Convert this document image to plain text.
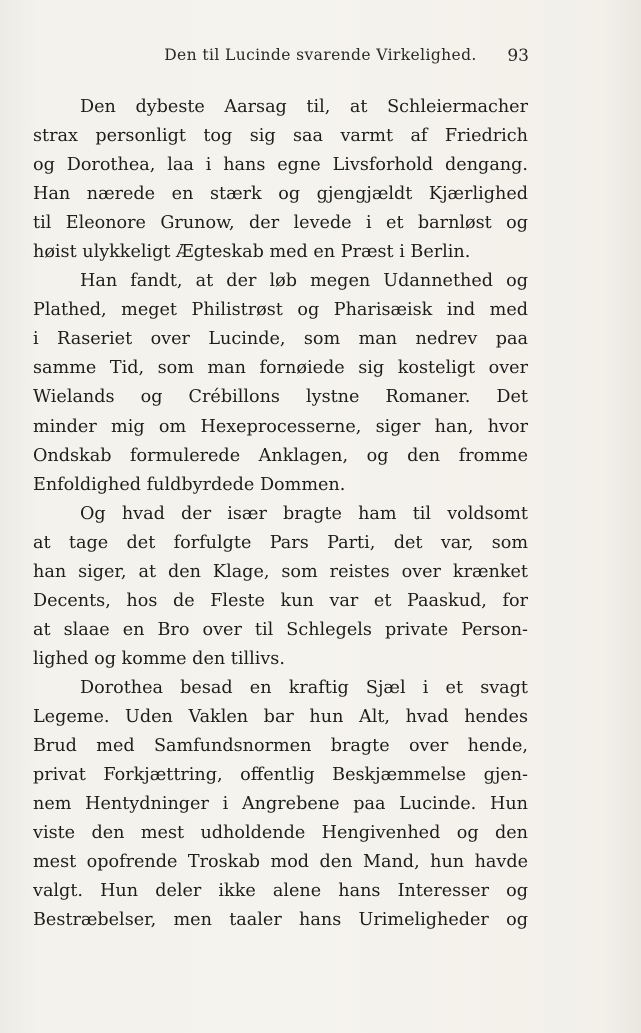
Den til Lucinde svarende Virkelighed.	93
Den dybeste Aarsag til, at Schleiermacher
strax personligt tog sig saa varmt af Friedrich
og Dorothea, laa i hans egne Livsforhold dengang.
Han nærede en stærk og gjengjældt Kjærlighed
til Eleonore Grunow, der levede i et barnløst og
høist ulykkeligt Ægteskab med en Præst i Berlin.
Han fandt, at der løb megen Udannethed og
Plathed, meget Philistrøst og Pharisæisk ind med
i Raseriet over Lucinde, som man nedrev paa
samme Tid, som man fornøiede sig kosteligt over
Wielands og Crébillons lystne Romaner. Det
minder mig om Hexeprocesserne, siger han, hvor
Ondskab formulerede Anklagen, og den fromme
Enfoldighed fuldbyrdede Dommen.
Og hvad der især bragte ham til voldsomt
at tage det forfulgte Pars Parti, det var, som
han siger, at den Klage, som reistes over krænket
Decents, hos de Fleste kun var et Paaskud, for
at slaae en Bro over til Schlegels private Person-
lighed og komme den tillivs.
Dorothea besad en kraftig Sjæl i et svagt
Legeme. Uden Vaklen bar hun Alt, hvad hendes
Brud med Samfundsnormen bragte over hende,
privat Forkjættring, offentlig Beskjæmmelse gjen-
nem Hentydninger i Angrebene paa Lucinde. Hun
viste den mest udholdende Hengivenhed og den
mest opofrende Troskab mod den Mand, hun havde
valgt. Hun deler ikke alene hans Interesser og
Bestræbelser, men taaler hans Urimeligheder og
